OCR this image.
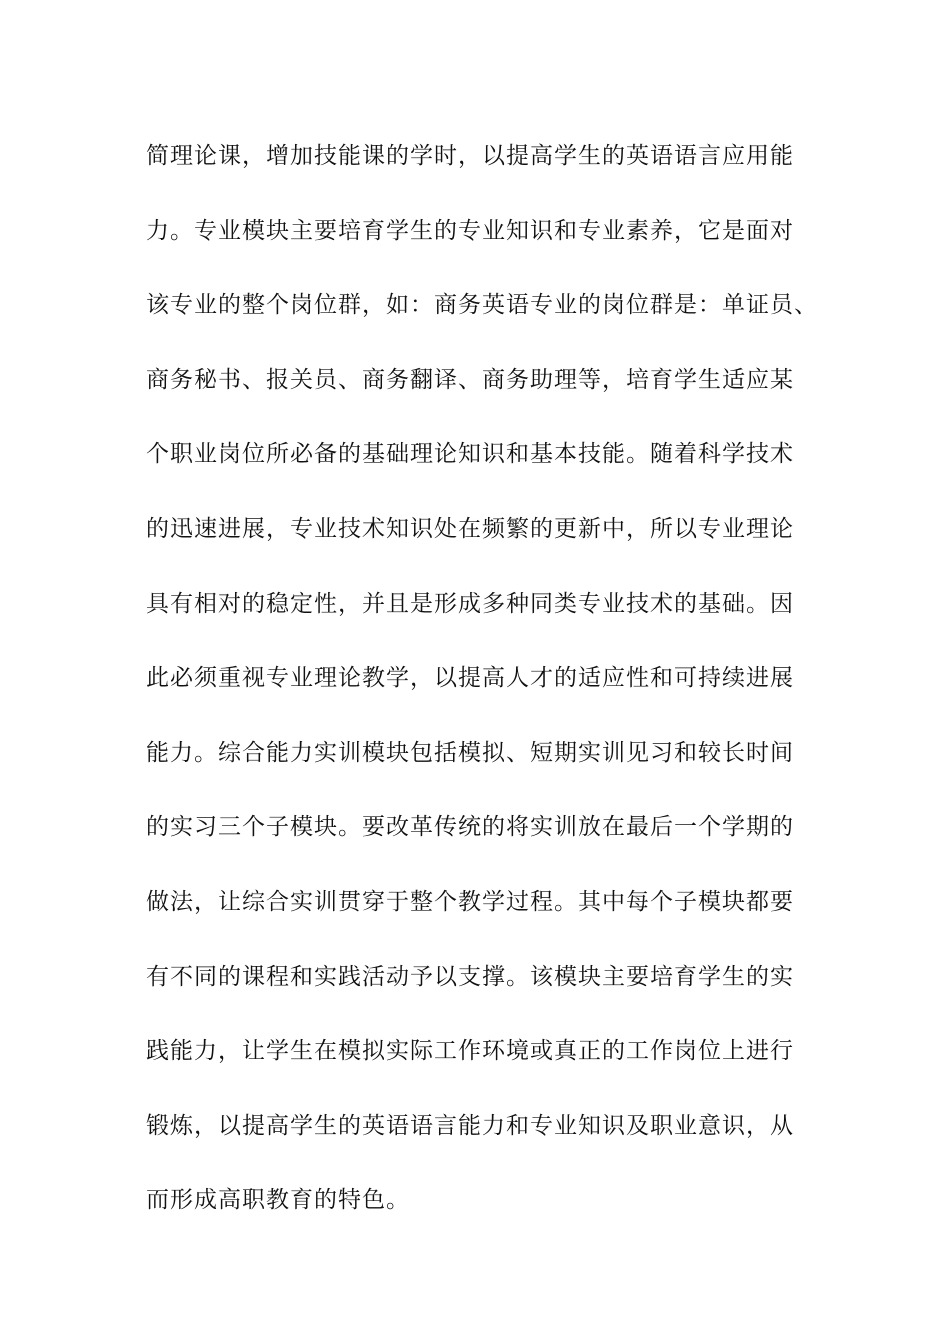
简理论课，增加技能课的学时，以提高学生的英语语言应用能
力。专业模块主要培育学生的专业知识和专业素养，它是面对
该专业的整个岗位群，如：商务英语专业的岗位群是：单证员、
商务秘书、报关员、商务翻译、商务助理等，培育学生适应某
个职业岗位所必备的基础理论知识和基本技能。随着科学技术
的迅速进展，专业技术知识处在频繁的更新中，所以专业理论
具有相对的稳定性，并且是形成多种同类专业技术的基础。因
此必须重视专业理论教学，以提高人才的适应性和可持续进展
能力。综合能力实训模块包括模拟、短期实训见习和较长时间
的实习三个子模块。要改革传统的将实训放在最后一个学期的
做法，让综合实训贯穿于整个教学过程。其中每个子模块都要
有不同的课程和实践活动予以支撑。该模块主要培育学生的实
践能力，让学生在模拟实际工作环境或真正的工作岗位上进行
锻炼，以提高学生的英语语言能力和专业知识及职业意识，从
而形成高职教育的特色。
